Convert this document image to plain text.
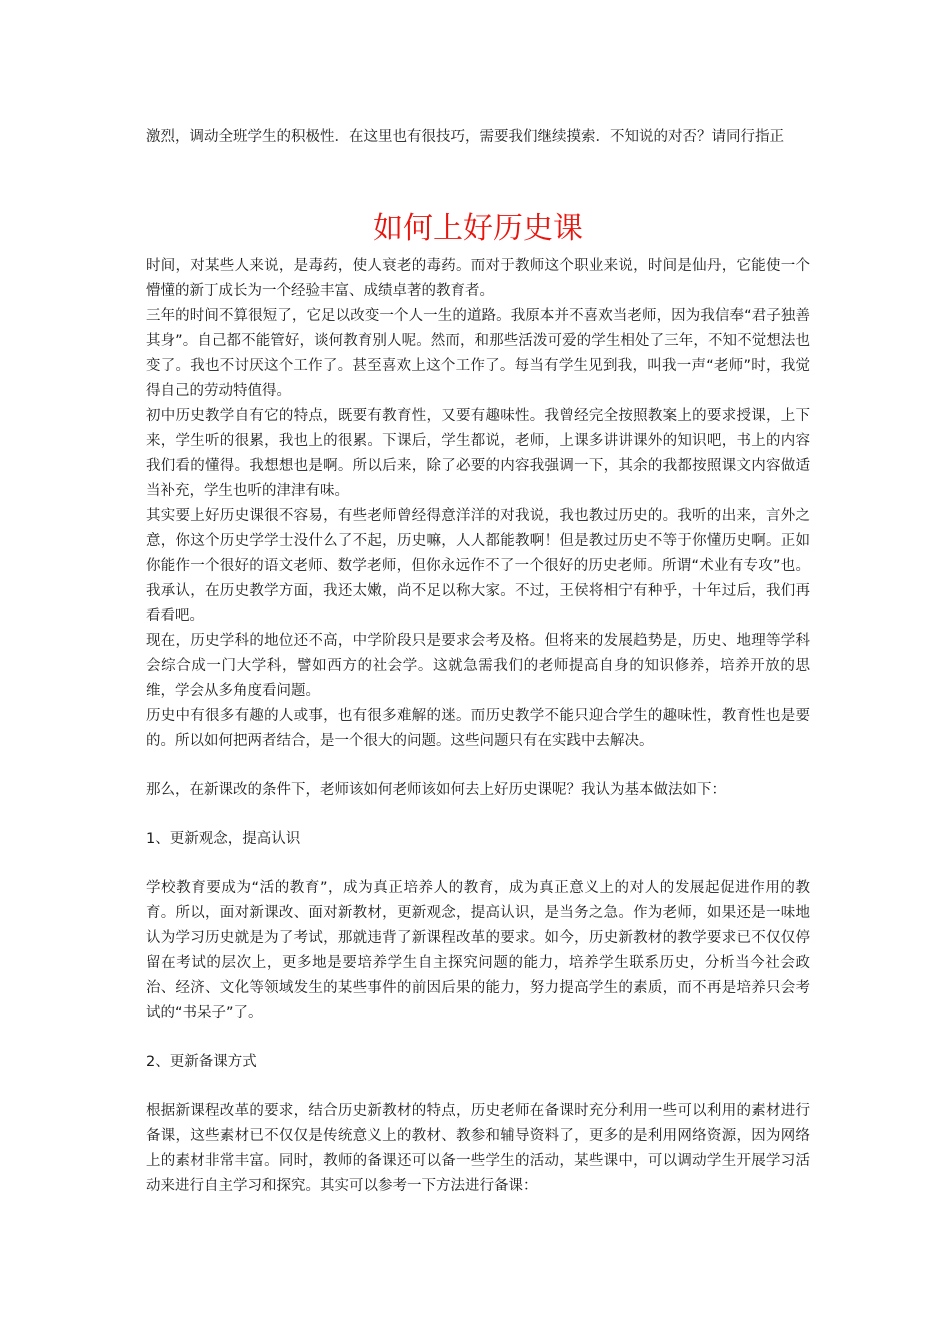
激烈，调动全班学生的积极性．在这里也有很技巧，需要我们继续摸索．不知说的对否？请同行指正

如何上好历史课

时间，对某些人来说，是毒药，使人衰老的毒药。而对于教师这个职业来说，时间是仙丹，它能使一个懵懂的新丁成长为一个经验丰富、成绩卓著的教育者。

三年的时间不算很短了，它足以改变一个人一生的道路。我原本并不喜欢当老师，因为我信奉“君子独善其身”。自己都不能管好，谈何教育别人呢。然而，和那些活泼可爱的学生相处了三年，不知不觉想法也变了。我也不讨厌这个工作了。甚至喜欢上这个工作了。每当有学生见到我，叫我一声“老师”时，我觉得自己的劳动特值得。

初中历史教学自有它的特点，既要有教育性，又要有趣味性。我曾经完全按照教案上的要求授课，上下来，学生听的很累，我也上的很累。下课后，学生都说，老师，上课多讲讲课外的知识吧，书上的内容我们看的懂得。我想想也是啊。所以后来，除了必要的内容我强调一下，其余的我都按照课文内容做适当补充，学生也听的津津有味。

其实要上好历史课很不容易，有些老师曾经得意洋洋的对我说，我也教过历史的。我听的出来，言外之意，你这个历史学学士没什么了不起，历史嘛，人人都能教啊！但是教过历史不等于你懂历史啊。正如你能作一个很好的语文老师、数学老师，但你永远作不了一个很好的历史老师。所谓“术业有专攻”也。我承认，在历史教学方面，我还太嫩，尚不足以称大家。不过，王侯将相宁有种乎，十年过后，我们再看看吧。

现在，历史学科的地位还不高，中学阶段只是要求会考及格。但将来的发展趋势是，历史、地理等学科会综合成一门大学科，譬如西方的社会学。这就急需我们的老师提高自身的知识修养，培养开放的思维，学会从多角度看问题。

历史中有很多有趣的人或事，也有很多难解的迷。而历史教学不能只迎合学生的趣味性，教育性也是要的。所以如何把两者结合，是一个很大的问题。这些问题只有在实践中去解决。

那么，在新课改的条件下，老师该如何老师该如何去上好历史课呢？我认为基本做法如下：

1、更新观念，提高认识

学校教育要成为“活的教育”，成为真正培养人的教育，成为真正意义上的对人的发展起促进作用的教育。所以，面对新课改、面对新教材，更新观念，提高认识，是当务之急。作为老师，如果还是一味地认为学习历史就是为了考试，那就违背了新课程改革的要求。如今，历史新教材的教学要求已不仅仅停留在考试的层次上，更多地是要培养学生自主探究问题的能力，培养学生联系历史，分析当今社会政治、经济、文化等领域发生的某些事件的前因后果的能力，努力提高学生的素质，而不再是培养只会考试的“书呆子”了。

2、更新备课方式

根据新课程改革的要求，结合历史新教材的特点，历史老师在备课时充分利用一些可以利用的素材进行备课，这些素材已不仅仅是传统意义上的教材、教参和辅导资料了，更多的是利用网络资源，因为网络上的素材非常丰富。同时，教师的备课还可以备一些学生的活动，某些课中，可以调动学生开展学习活动来进行自主学习和探究。其实可以参考一下方法进行备课：
